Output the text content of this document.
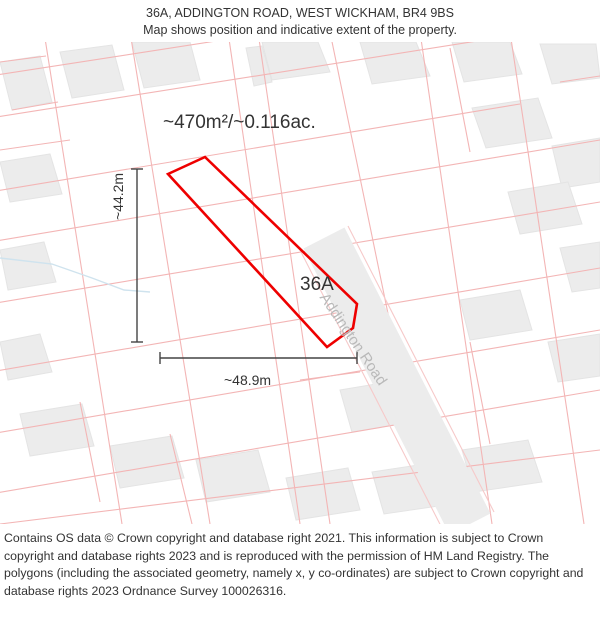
36A, ADDINGTON ROAD, WEST WICKHAM, BR4 9BS
Map shows position and indicative extent of the property.
~470m²/~0.116ac.
36A
~44.2m
~48.9m	Addington Road
Contains OS data © Crown copyright and database right 2021. This information is subject to Crown copyright and database rights 2023 and is reproduced with the permission of HM Land Registry. The polygons (including the associated geometry, namely x, y co-ordinates) are subject to Crown copyright and database rights 2023 Ordnance Survey 100026316.
